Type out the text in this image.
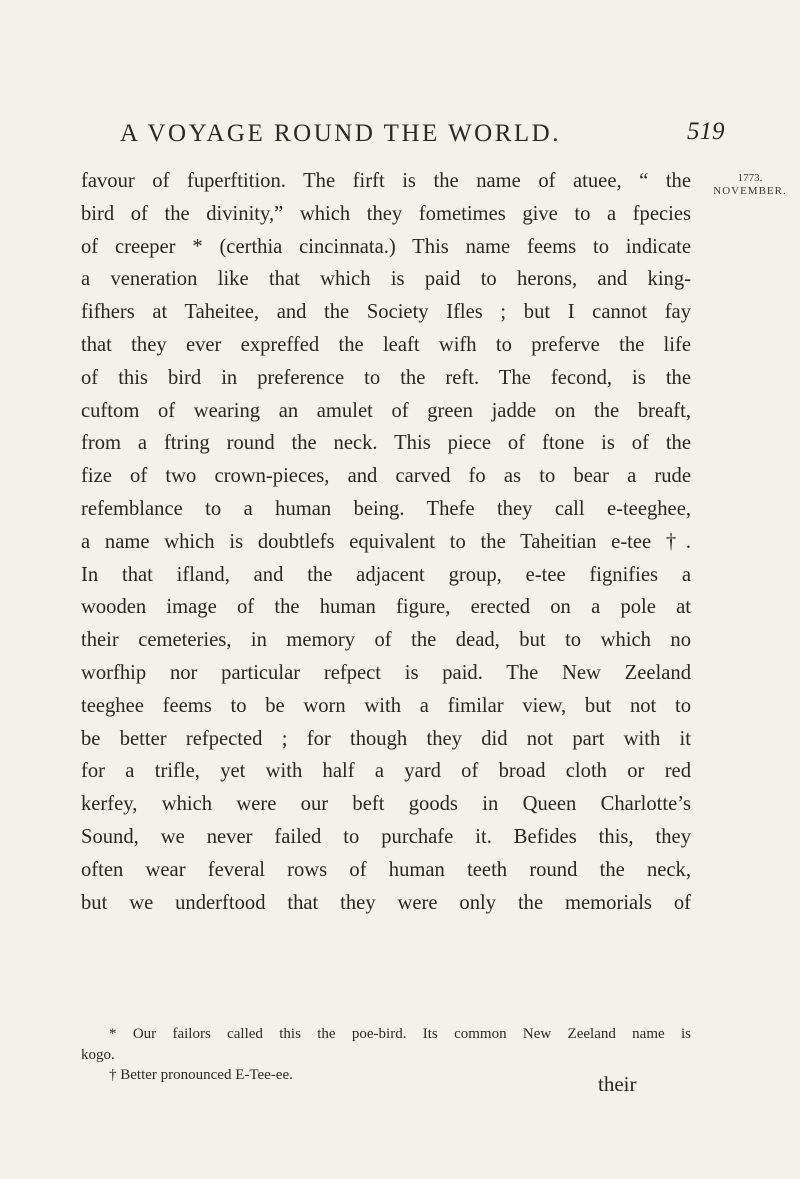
A VOYAGE ROUND THE WORLD.	519
1773.
NOVEMBER.
favour of fuperftition. The firft is the name of atuee, “ the
bird of the divinity,” which they fometimes give to a fpecies
of creeper * (certhia cincinnata.) This name feems to indicate
a veneration like that which is paid to herons, and king-
fifhers at Taheitee, and the Society Ifles ; but I cannot fay
that they ever expreffed the leaft wifh to preferve the life
of this bird in preference to the reft. The fecond, is the
cuftom of wearing an amulet of green jadde on the breaft,
from a ftring round the neck. This piece of ftone is of the
fize of two crown-pieces, and carved fo as to bear a rude
refemblance to a human being. Thefe they call e-teeghee,
a name which is doubtlefs equivalent to the Taheitian e-tee †.
In that ifland, and the adjacent group, e-tee fignifies a
wooden image of the human figure, erected on a pole at
their cemeteries, in memory of the dead, but to which no
worfhip nor particular refpect is paid. The New Zeeland
teeghee feems to be worn with a fimilar view, but not to
be better refpected ; for though they did not part with it
for a trifle, yet with half a yard of broad cloth or red
kerfey, which were our beft goods in Queen Charlotte’s
Sound, we never failed to purchafe it. Befides this, they
often wear feveral rows of human teeth round the neck,
but we underftood that they were only the memorials of
* Our failors called this the poe-bird. Its common New Zeeland name is
kogo.
† Better pronounced E-Tee-ee.	their
